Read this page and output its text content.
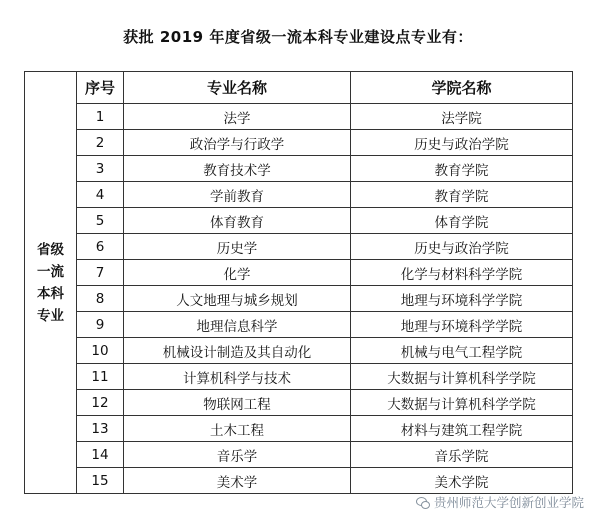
获批 2019 年度省级一流本科专业建设点专业有：
省级
一流
本科
专业	序号	专业名称	学院名称
	1	法学	法学院
	2	政治学与行政学	历史与政治学院
	3	教育技术学	教育学院
	4	学前教育	教育学院
	5	体育教育	体育学院
	6	历史学	历史与政治学院
	7	化学	化学与材料科学学院
	8	人文地理与城乡规划	地理与环境科学学院
	9	地理信息科学	地理与环境科学学院
	10	机械设计制造及其自动化	机械与电气工程学院
	11	计算机科学与技术	大数据与计算机科学学院
	12	物联网工程	大数据与计算机科学学院
	13	土木工程	材料与建筑工程学院
	14	音乐学	音乐学院
	15	美术学	美术学院
贵州师范大学创新创业学院
